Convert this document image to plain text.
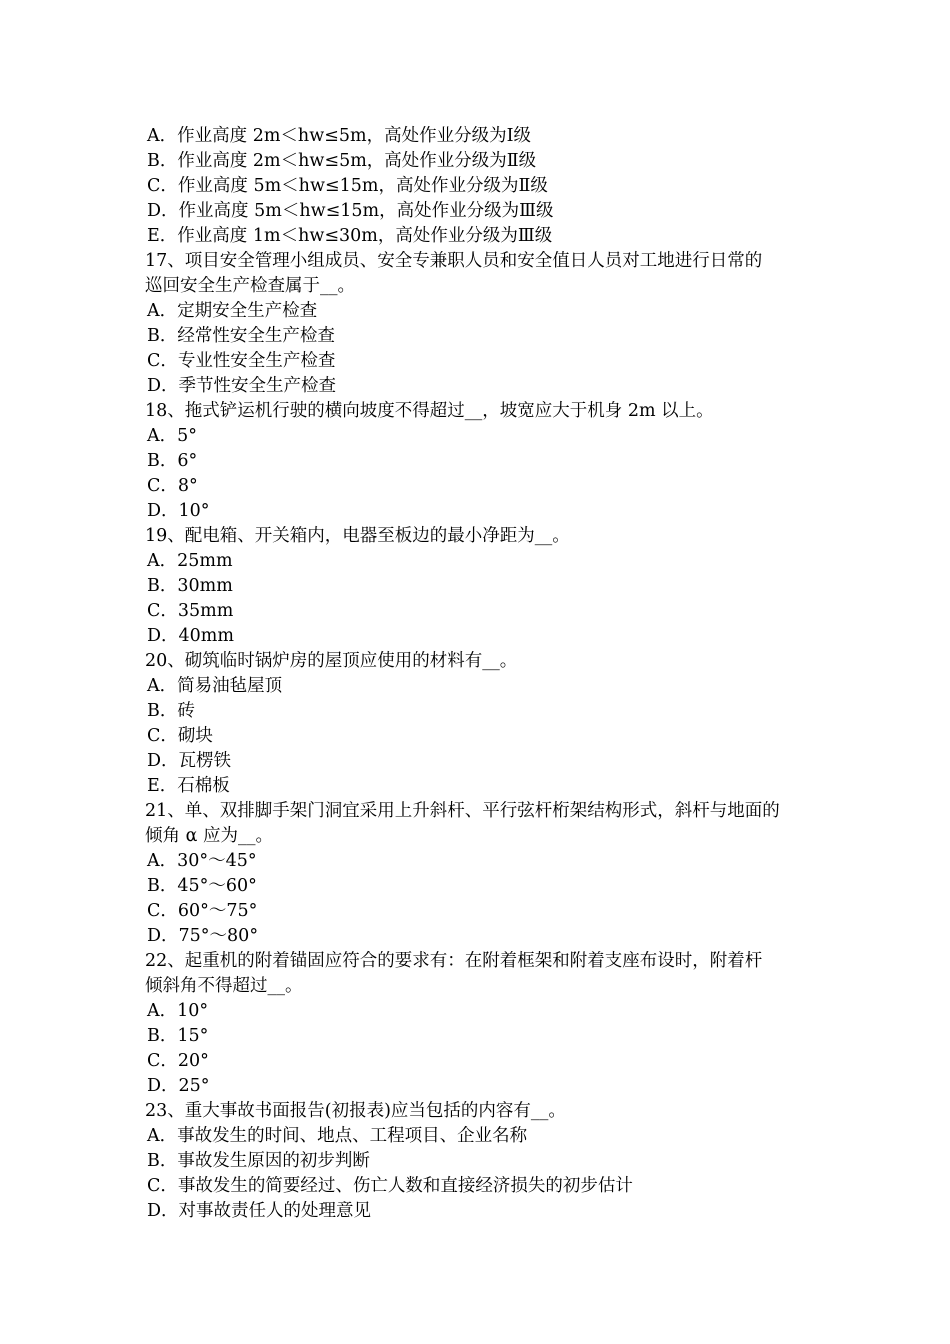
A．作业高度 2m＜hw≤5m，高处作业分级为Ⅰ级
B．作业高度 2m＜hw≤5m，高处作业分级为Ⅱ级
C．作业高度 5m＜hw≤15m，高处作业分级为Ⅱ级
D．作业高度 5m＜hw≤15m，高处作业分级为Ⅲ级
E．作业高度 1m＜hw≤30m，高处作业分级为Ⅲ级
17、项目安全管理小组成员、安全专兼职人员和安全值日人员对工地进行日常的
巡回安全生产检查属于__。
A．定期安全生产检查
B．经常性安全生产检查
C．专业性安全生产检查
D．季节性安全生产检查
18、拖式铲运机行驶的横向坡度不得超过__，坡宽应大于机身 2m 以上。
A．5°
B．6°
C．8°
D．10°
19、配电箱、开关箱内，电器至板边的最小净距为__。
A．25mm
B．30mm
C．35mm
D．40mm
20、砌筑临时锅炉房的屋顶应使用的材料有__。
A．简易油毡屋顶
B．砖
C．砌块
D．瓦楞铁
E．石棉板
21、单、双排脚手架门洞宜采用上升斜杆、平行弦杆桁架结构形式，斜杆与地面的
倾角 α 应为__。
A．30°～45°
B．45°～60°
C．60°～75°
D．75°～80°
22、起重机的附着锚固应符合的要求有：在附着框架和附着支座布设时，附着杆
倾斜角不得超过__。
A．10°
B．15°
C．20°
D．25°
23、重大事故书面报告(初报表)应当包括的内容有__。
A．事故发生的时间、地点、工程项目、企业名称
B．事故发生原因的初步判断
C．事故发生的简要经过、伤亡人数和直接经济损失的初步估计
D．对事故责任人的处理意见
